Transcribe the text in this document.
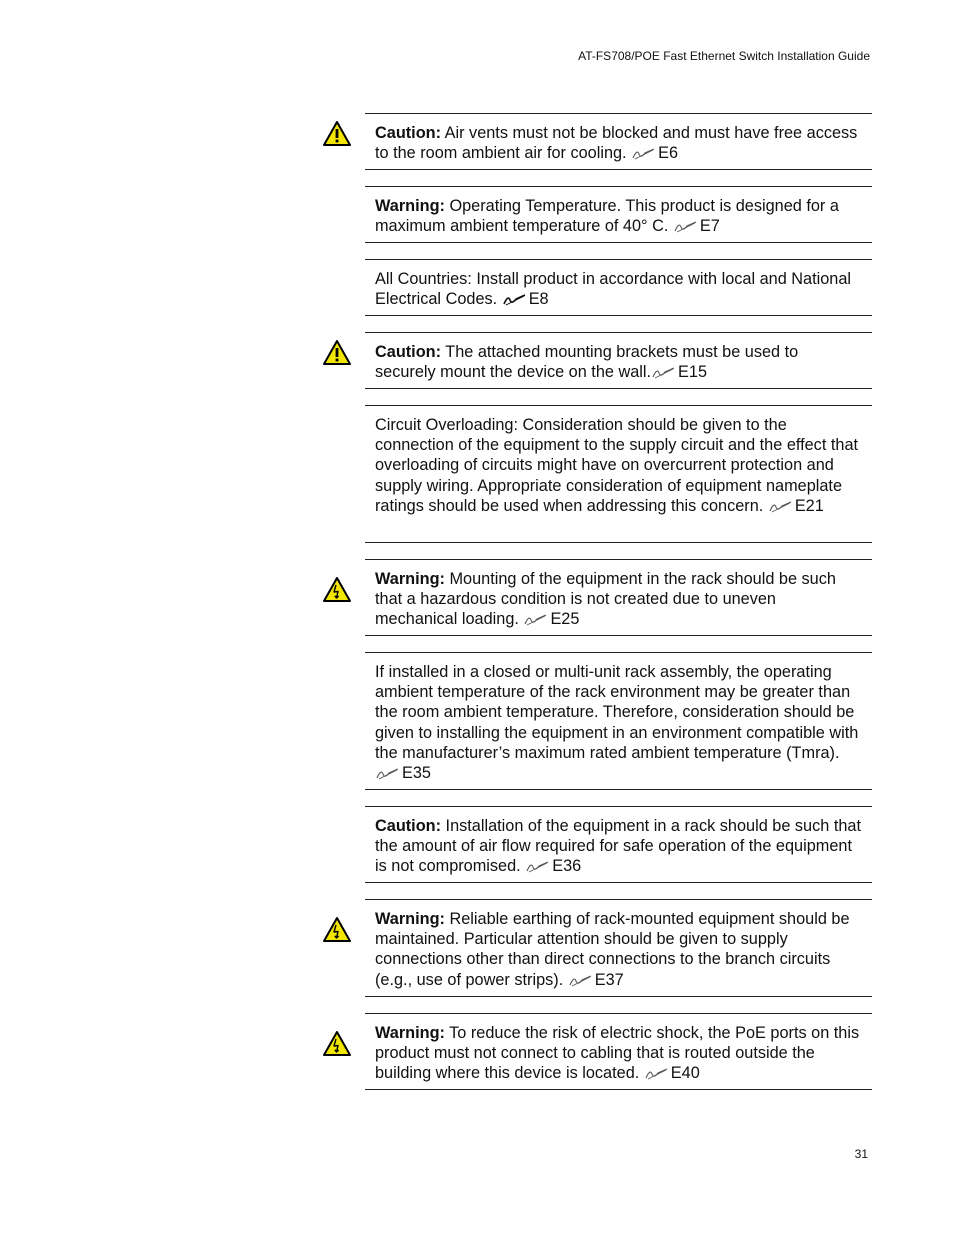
AT-FS708/POE Fast Ethernet Switch Installation Guide
Caution: Air vents must not be blocked and must have free access to the room ambient air for cooling. E6
Warning: Operating Temperature. This product is designed for a maximum ambient temperature of 40° C. E7
All Countries: Install product in accordance with local and National Electrical Codes. E8
Caution: The attached mounting brackets must be used to securely mount the device on the wall. E15
Circuit Overloading: Consideration should be given to the connection of the equipment to the supply circuit and the effect that overloading of circuits might have on overcurrent protection and supply wiring. Appropriate consideration of equipment nameplate ratings should be used when addressing this concern. E21
Warning: Mounting of the equipment in the rack should be such that a hazardous condition is not created due to uneven mechanical loading. E25
If installed in a closed or multi-unit rack assembly, the operating ambient temperature of the rack environment may be greater than the room ambient temperature. Therefore, consideration should be given to installing the equipment in an environment compatible with the manufacturer’s maximum rated ambient temperature (Tmra). E35
Caution: Installation of the equipment in a rack should be such that the amount of air flow required for safe operation of the equipment is not compromised. E36
Warning: Reliable earthing of rack-mounted equipment should be maintained. Particular attention should be given to supply connections other than direct connections to the branch circuits (e.g., use of power strips). E37
Warning: To reduce the risk of electric shock, the PoE ports on this product must not connect to cabling that is routed outside the building where this device is located. E40
31
